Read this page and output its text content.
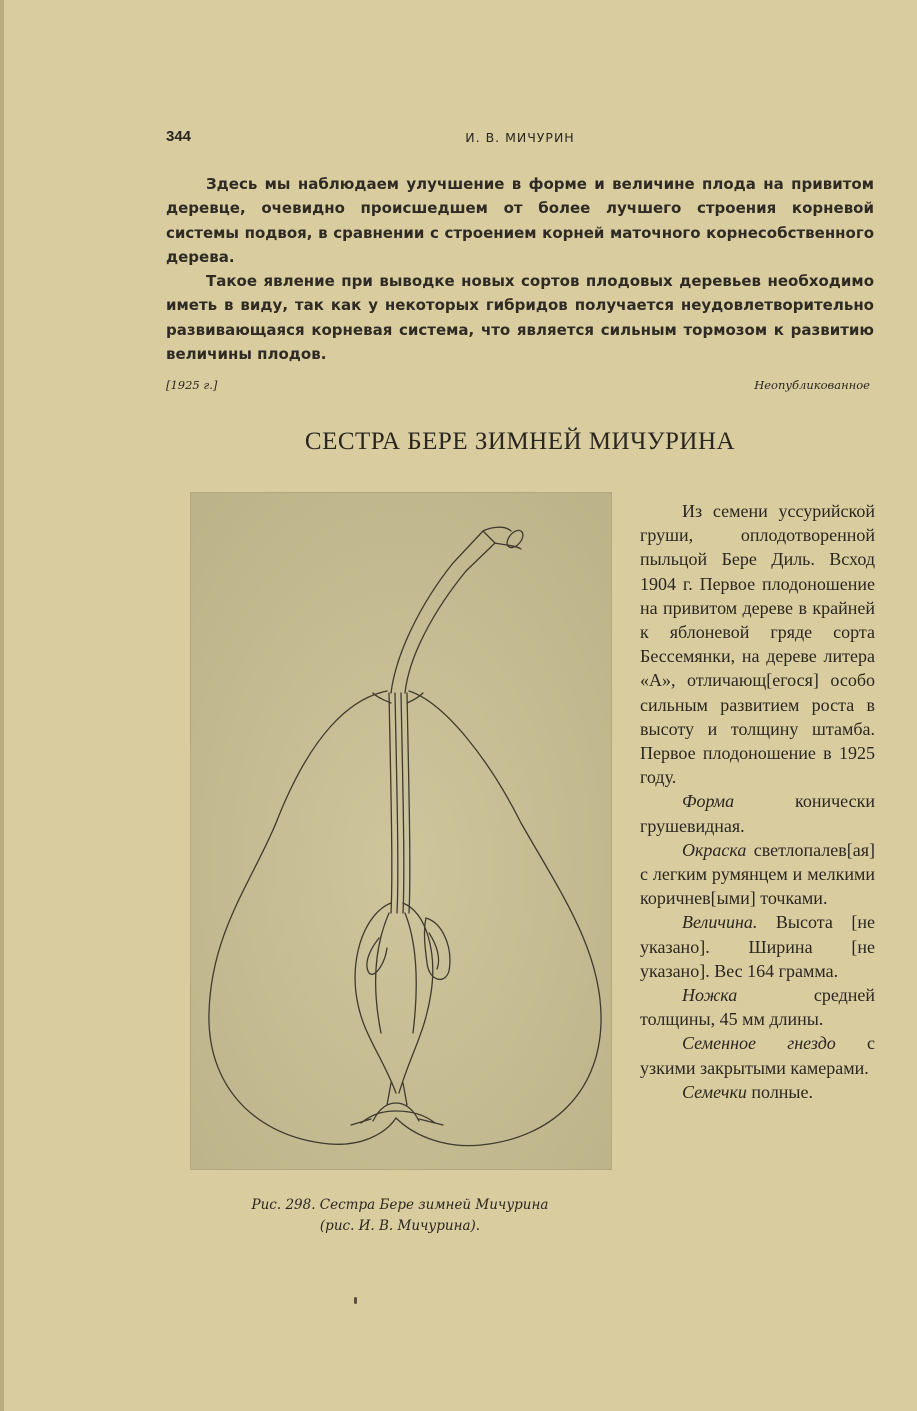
344	И. В. МИЧУРИН

Здесь мы наблюдаем улучшение в форме и величине плода на привитом деревце, очевидно происшедшем от более лучшего строения корневой системы подвоя, в сравнении с строением корней маточного корнесобственного дерева.

Такое явление при выводке новых сортов плодовых деревьев необходимо иметь в виду, так как у некоторых гибридов получается неудовлетворительно развивающаяся корневая система, что является сильным тормозом к развитию величины плодов.

[1925 г.]	Неопубликованное
СЕСТРА БЕРЕ ЗИМНЕЙ МИЧУРИНА
Рис. 298. Сестра Бере зимней Мичурина
(рис. И. В. Мичурина).

Из семени уссурийской груши, оплодотворенной пыльцой Бере Диль. Всход 1904 г. Первое плодоношение на привитом дереве в крайней к яблоневой гряде сорта Бессемянки, на дереве литера «А», отличающ[егося] особо сильным развитием роста в высоту и толщину штамба. Первое плодоношение в 1925 году.

Форма конически грушевидная.

Окраска светлопалев[ая] с легким румянцем и мелкими коричнев[ыми] точками.

Величина. Высота [не указано]. Ширина [не указано]. Вес 164 грамма.

Ножка средней толщины, 45 мм длины.

Семенное гнездо с узкими закрытыми камерами.

Семечки полные.
